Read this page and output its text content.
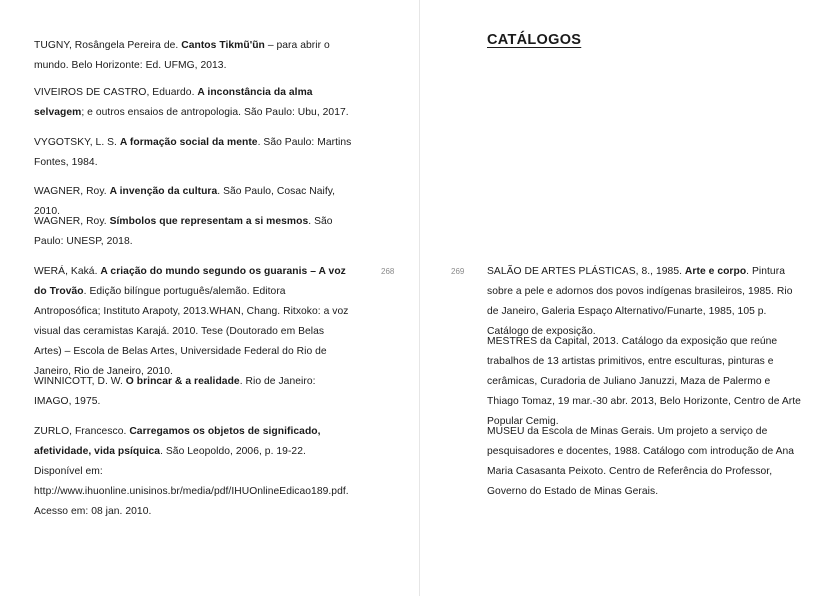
TUGNY, Rosângela Pereira de. Cantos Tikmũ'ũn – para abrir o mundo. Belo Horizonte: Ed. UFMG, 2013.

VIVEIROS DE CASTRO, Eduardo. A inconstância da alma selvagem; e outros ensaios de antropologia. São Paulo: Ubu, 2017.

VYGOTSKY, L. S. A formação social da mente. São Paulo: Martins Fontes, 1984.

WAGNER, Roy. A invenção da cultura. São Paulo, Cosac Naify, 2010.

WAGNER, Roy. Símbolos que representam a si mesmos. São Paulo: UNESP, 2018.

WERÁ, Kaká. A criação do mundo segundo os guaranis – A voz do Trovão. Edição bilíngue português/alemão. Editora Antroposófica; Instituto Arapoty, 2013.WHAN, Chang. Ritxoko: a voz visual das ceramistas Karajá. 2010. Tese (Doutorado em Belas Artes) – Escola de Belas Artes, Universidade Federal do Rio de Janeiro, Rio de Janeiro, 2010.

WINNICOTT, D. W. O brincar & a realidade. Rio de Janeiro: IMAGO, 1975.

ZURLO, Francesco. Carregamos os objetos de significado, afetividade, vida psíquica. São Leopoldo, 2006, p. 19-22. Disponível em: http://www.ihuonline.unisinos.br/media/pdf/IHUOnlineEdicao189.pdf. Acesso em: 08 jan. 2010.

268
CATÁLOGOS
269 SALÃO DE ARTES PLÁSTICAS, 8., 1985. Arte e corpo. Pintura sobre a pele e adornos dos povos indígenas brasileiros, 1985. Rio de Janeiro, Galeria Espaço Alternativo/Funarte, 1985, 105 p. Catálogo de exposição.

MESTRES da Capital, 2013. Catálogo da exposição que reúne trabalhos de 13 artistas primitivos, entre esculturas, pinturas e cerâmicas, Curadoria de Juliano Januzzi, Maza de Palermo e Thiago Tomaz, 19 mar.-30 abr. 2013, Belo Horizonte, Centro de Arte Popular Cemig.

MUSEU da Escola de Minas Gerais. Um projeto a serviço de pesquisadores e docentes, 1988. Catálogo com introdução de Ana Maria Casasanta Peixoto. Centro de Referência do Professor, Governo do Estado de Minas Gerais.
